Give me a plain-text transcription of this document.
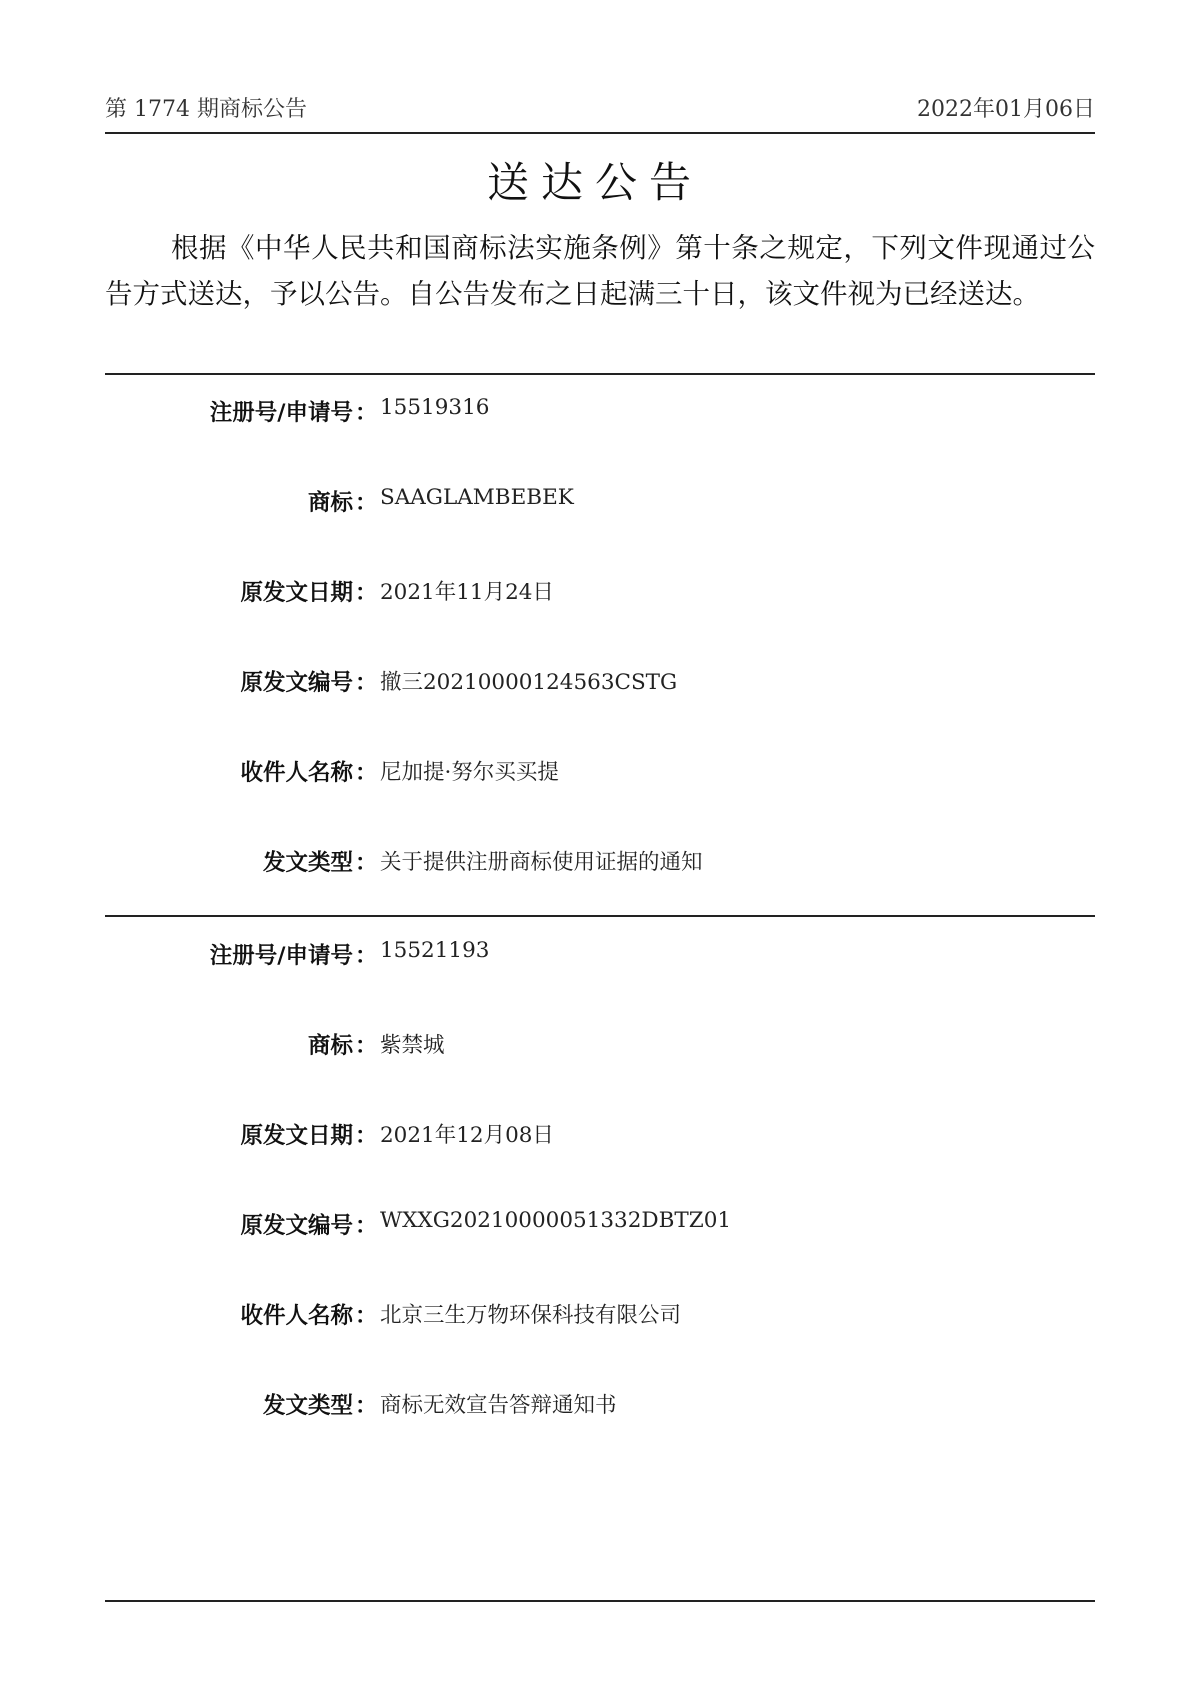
第 1774 期商标公告	2022年01月06日
送达公告
根据《中华人民共和国商标法实施条例》第十条之规定，下列文件现通过公告方式送达，予以公告。自公告发布之日起满三十日，该文件视为已经送达。
注册号/申请号 ： 15519316
商标 ： SAAGLAMBEBEK
原发文日期 ： 2021年11月24日
原发文编号 ： 撤三20210000124563CSTG
收件人名称 ： 尼加提·努尔买买提
发文类型 ： 关于提供注册商标使用证据的通知
注册号/申请号 ： 15521193
商标 ： 紫禁城
原发文日期 ： 2021年12月08日
原发文编号 ： WXXG20210000051332DBTZ01
收件人名称 ： 北京三生万物环保科技有限公司
发文类型 ： 商标无效宣告答辩通知书
